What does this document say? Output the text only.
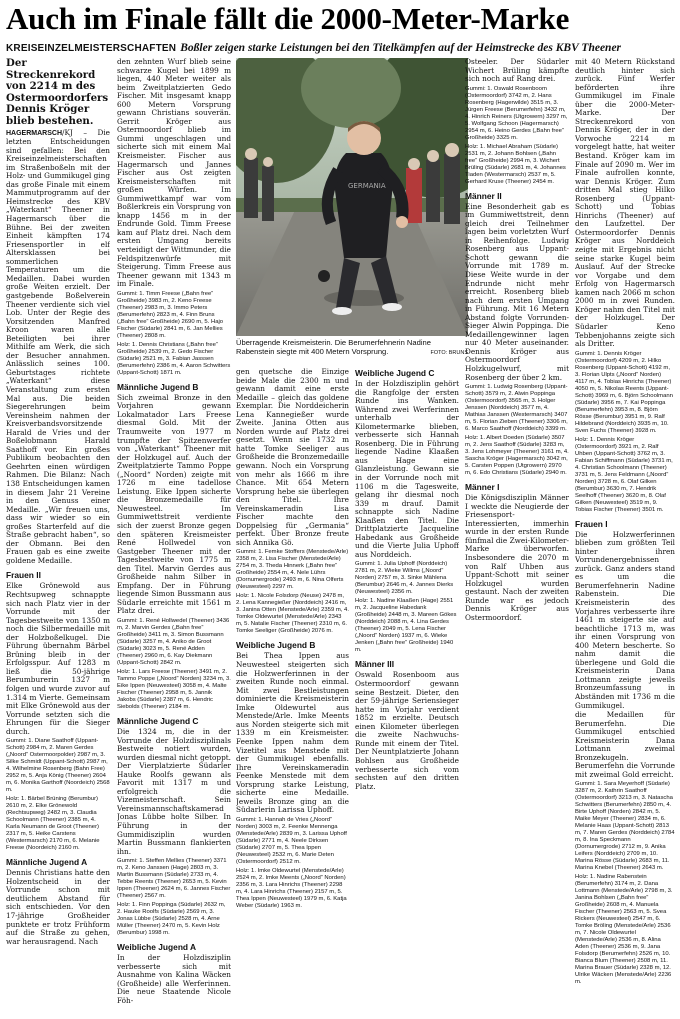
Auch im Finale fällt die 2000-Meter-Marke
KREISEINZELMEISTERSCHAFTEN Boßler zeigen starke Leistungen bei den Titelkämpfen auf der Heimstrecke des KBV Theener

Der Streckenrekord von 2214 m des Ostermoordorfers Dennis Kröger blieb bestehen.

HAGERMARSCH/KJ – Die letzten Entscheidungen sind gefallen: Bei den Kreiseinzelmeisterschaften im Straßenboßeln mit der Holz- und Gummikugel ging das große Finale mit einem Mammutprogramm auf der Heimstrecke des KBV „Waterkant“ Theener in Hagermarsch über die Bühne. Bei der zweiten Einheit kämpften 174 Friesensportler in elf Altersklassen bei sommerlichen Temperaturen um die Medaillen. Dabei wurden große Weiten erzielt. Der gastgebende Boßelverein Theener verdiente sich viel Lob. Unter der Regie des Vorsitzenden Manfred Kroon waren alle Beteiligten bei ihrer Mithilfe am Werk, die sich der Besucher annahmen. Anlässlich seines 100. Geburtstages richtete „Waterkant“ diese Veranstaltung zum ersten Mal aus. Die beiden Siegerehrungen beim Vereinsheim nahmen der Kreisverbandsvorsitzende Harald de Vries und der Boßelobmann Harald Saathoff vor. Ein großes Publikum beobachten den Geehrten einen würdigen Rahmen. Die Bilanz: Nach 138 Entscheidungen kamen in diesem Jahr 21 Vereine in den Genuss einer Medaille. „Wir freuen uns, dass wir wieder so ein großes Starterfeld auf die Straße gebracht haben“, so der Obmann. Bei den Frauen gab es eine zweite goldene Medaille.

Frauen II

Elke Grönewold aus Rechtsupweg schnappte sich nach Platz vier in der Vorrunde mit der Tagesbestweite von 1350 m noch die Silbermedaille mit der Holzboßelkugel. Die Führung übernahm Bärbel Brüning bleib in der Erfolgsspur. Auf 1283 m ließ die 50-jährige Berumburerin 1327 m folgen und wurde zuvor auf 1.314 m Vierte. Gemeinsam mit Elke Grönewold aus der Vorrunde setzten sich die Ehrungen für die Sieger durch.

Gummi: 1. Diane Saathoff (Uppant-Schott) 2984 m, 2. Maren Gerdes („Noord“ Ostermoorpolder) 2987 m, 3. Silke Schmidt (Uppant-Schott) 2987 m, 4. Wilhelmine Rosenberg (Bahn Free) 2952 m, 5. Anja König (Theener) 2604 m, 6. Monika Garthoff (Noordeich) 2568 m.

Holz: 1. Bärbel Brüning (Berumbur) 2610 m, 2. Elke Grönewold (Rechtsupweg) 2482 m, 3. Claudia Schoolmann (Theener) 2385 m, 4. Karla Neumann de Groot (Theener) 2317 m, 5. Heike Carstens (Westermarsch) 2170 m, 6. Melanie Freese (Noordeich) 2160 m.

Männliche Jugend A

Dennis Christians hatte den Holzentscheid in der Vorrunde schon mit deutlichem Abstand für sich entschieden. Vor den 17-jährige Großheider punktete er trotz Frühform auf die Straße zu gehen, war herausragend. Nach

den zehnten Wurf blieb seine schwarze Kugel bei 1899 m liegen, 440 Meter weiter als beim Zweitplatzierten Gedo Fischer. Mit insgesamt knapp 600 Metern Vorsprung gewann Christians souverän. Gerrit Kröger aus Ostermoordorf blieb im Gummi ungeschlagen und sicherte sich mit einem Mal Kreismeister. Fischer aus Hagermarsch und Jannes Fischer aus Ost zeigten Kreismeisterschaften mit großen Würfen. Im Gummiwettkampf war vom Boßlerkreis ein Vorsprung von knapp 1456 m in der Endrunde Gold. Timm Freese kam auf Platz drei. Nach dem ersten Umgang bereits verteidigt der Wittmunder, die Feldspitzenwürfe mit Steigerung. Timm Freese aus Theener gewann mit 1343 m im Finale.

Gummi: 1. Timm Freese („Bahn free“ Großheide) 3983 m, 2. Keno Freese (Theener) 2983 m, 3. Immo Peters (Berumerfehn) 2823 m, 4. Finn Bruns („Bahn free“ Großheide) 2690 m, 5. Hajo Fischer (Südarle) 2841 m, 6. Jan Mellies (Theener) 2808 m.

Holz: 1. Dennis Christians („Bahn free“ Großheide) 2539 m, 2. Gedo Fischer (Südarle) 2521 m, 3. Fabian Jasssen (Berumerfehn) 2386 m, 4. Aaron Schwitters (Uppant-Schott) 1871 m.

Männliche Jugend B

Sich zweimal Bronze in den Vorjahren gewann Lokalmatador Lars Freese diesmal Gold. Mit der Traumweite von 1977 m trumpfte der Spitzenwerfer von „Waterkant“ Theener mit der Holzkugel auf. Auch der Zweitplatzierte Tammo Poppe („Noord“ Norden) zeigte mit 1726 m eine tadellose Leistung. Eike Ippen sicherte die Bronzemedaille für Neuwesteel. Im Gummiwettstreit verdiente sich der zuerst Bronze gegen den späteren Kreismeister René Hollwedel von Gastgeber Theener mit der Tagesbestweite von 1775 m den Titel. Marvin Gerdes aus Großheide nahm Silber in Empfang. Der in Führung liegende Simon Bussmann aus Südarle erreichte mit 1561 m Platz drei.

Gummi: 1. René Hollwedel (Theener) 3436 m, 2. Marvin Gerdes („Bahn free“ Großheide) 3411 m, 3. Simon Bussmann (Südarle) 3257 m, 4. Aniko de Groot (Südarle) 3023 m, 5. René Adden (Theener) 2960 m, 6. Kay Diekmann (Uppant-Schott) 2842 m.

Holz: 1. Lars Freese (Theener) 3491 m, 2. Tammo Poppe („Noord“ Norden) 3234 m, 3. Eike Ippen (Neuwesteel) 3058 m, 4. Malte Fischer (Theener) 2958 m, 5. Jannik Jakobs (Südarle) 2387 m, 6. Hendric Siebolds (Theener) 2184 m.

Männliche Jugend C

Die 1324 m, die in der Vorrunde der Holzdisziplinals Bestweite notiert wurden, wurden diesmal nicht getoppt. Der Vierplatzierte Südarler Hauke Roolfs gewann als Favorit mit 1317 m und erfolgreich die Vizemeisterschaft. Sein Vereinsmannschaftskamerad Jonas Lübbe holte Silber. In Führung in der Gummidisziplin wurden Martin Bussmann flankierten ihn.

Gummi: 1. Steffen Mellies (Theener) 3371 m, 2. Keno Janssen (Hage) 2803 m, 3. Martin Bussmann (Südarle) 2733 m, 4. Tebbe Reents (Theener) 2653 m, 5. Kevin Ippen (Theener) 2624 m, 6. Jannes Fischer (Theener) 2567 m.

Holz: 1. Finn Poppinga (Südarle) 2632 m, 2. Hauke Roolfs (Südarle) 2569 m, 3. Jonas Lübbe (Südarle) 2528 m, 4. Arne Müller (Theener) 2470 m, 5. Kevin Holz (Berumbur) 1998 m.

Weibliche Jugend A

In der Holzdisziplin verbesserte sich mit Ausnahme von Kalina Wäcken (Großheide) alle Werferinnen. Die neue Staatende Nicole Föh-

GERMANIA
Überragende Kreismeisterin. Die Berumerfehnerin Nadine Rabenstein siegte mit 400 Metern Vorsprung.	FOTO: BRUNS

gen quetsche die Einzige beide Male die 2300 m und gewann damit eine erste Medaille – gleich das goldene Exemplar. Die Norddeicherin Lena Kannegießer wurde Zweite. Janina Otten aus Norden wurde auf Platz drei gesetzt. Wenn sie 1732 m hatte Tomke Seeliger aus Großheide die Bronzemedaille gewann. Noch ein Vorsprung von mehr als 1666 m ihre Chance. Mit 654 Metern Vorsprung hebe sie überlegen den Titel. Ihre Vereinskameradin Lisa Fischer machte den Doppelsieg für „Germania“ perfekt. Über Bronze freute sich Annika Gö.

Gummi: 1. Femke Stoffers (Menstede/Arle) 2358 m, 2. Lisa Fischer (Menstede/Arle) 2754 m, 3. Theda Hinnerk („Bahn free“ Großheide) 2554 m, 4. Nele Lührs (Dornumergrode) 2493 m, 6. Nina Olferts (Neuwesteel) 2297 m.

Holz: 1. Nicole Folsdorp (Neuse) 2478 m, 2. Lena Kannegießer (Norddeich) 2416 m, 3. Janina Otten (Menstede/Arle) 2359 m, 4. Tomke Oldewurtel (Menstede/Arle) 2343 m, 5. Natalie Fischer (Theener) 2310 m, 6. Tomke Seeliger (Großheide) 2076 m.

Weibliche Jugend B

Bei Thea Ippen aus Neuwesteel steigerten sich die Holzwerferinnen in der zweiten Runde noch einmal. Mit zwei Bestleistungen dominierte die Kreismeisterin Imke Oldewurtel aus Menstede/Arle. Imke Meents aus Norden steigerte sich mit 1339 m ein Kreismeister. Feenke Ippen nahm dem Vizetitel aus Menstede mit der Gummikugel ebenfalls. Ihre Vereinskameradin Feenke Menstede mit dem Vorsprung starke Leistung, sicherte eine Medaille. Jeweils Bronze ging an die Südarlerin Larissa Uphoff.

Gummi: 1. Hannah de Vries („Noord“ Norden) 3003 m, 2. Feenke Mennenga (Menstede/Arle) 2839 m, 3. Larissa Uphoff (Südarle) 2771 m, 4. Neele Dirksen (Südarle) 2707 m, 5. Thea Ippen (Neuwesteel) 2532 m, 6. Marie Deten (Ostermoordorf) 2512 m.

Holz: 1. Imke Oldewurtel (Menstede/Arle) 2524 m, 2. Imke Meents („Noord“ Norden) 2356 m, 3. Lara Hinrichs (Theener) 2298 m, 4. Lara Hinrichs (Theener) 2157 m, 5. Thea Ippen (Neuwesteel) 1979 m, 6. Katja Weber (Südarle) 1963 m.

Weibliche Jugend C

In der Holzdisziplin gehört die Rangfolge der ersten Runde ins Wanken. Während zwei Werferinnen unterhalb der Kilometermarke blieben, verbesserte sich Hannah Rosenberg. Die in Führung liegende Nadine Klaaßen aus Hage eine Glanzleistung. Gewann sie in der Vorrunde noch mit 1106 m die Tagesweite, gelang ihr diesmal noch 339 m drauf. Damit schnappte sich Nadine Klaaßen den Titel. Die Drittplatzierte Jacqueline Habedank aus Großheide und die Vierte Julia Uphoff aus Norddeich.

Gummi: 1. Julia Uphoff (Norddeich) 2781 m, 2. Wieke Willms („Noord“ Norden) 2757 m, 3. Sinke Mählena (Berumbur) 2646 m, 4. Jannes Dierks (Neuwesteel) 2356 m.

Holz: 1. Nadine Klaaßen (Hage) 2551 m, 2. Jacqueline Habedank (Großheide) 2448 m, 3. Mareen Gökes (Norddeich) 2088 m, 4. Lina Gerdes (Theener) 2049 m, 5. Lena Fischer („Noord“ Norden) 1937 m, 6. Wieke Jenken („Bahn free“ Großheide) 1940 m.

Männer III

Oswald Rosenboom aus Ostermoordorf gewann seine Bestzeit. Dieter, den der 59-jährige Seriensieger hatte im Vorjahr verdient 1852 m erzielte. Deutsch einen Kilometer überlegen die zweite Nachwuchs-Runde mit einem der Titel. Der Neuntplatzierte Johann Bohlsen aus Großheide verbesserte sich vom sechsten auf den dritten Platz.

Osteeler. Der Südarler Wichert Brüling kämpfte sich noch auf Rang drei.

Gummi: 1. Oswald Rosenboom (Ostermoordorf) 3742 m, 2. Hans Rosenberg (Hagerwilde) 3515 m, 3. Jürgen Freese (Berumerfehn) 3432 m, 4. Hinrich Reiners (Utgrowern) 3297 m, 5. Wolfgang Schoon (Hagermarsch) 2954 m, 6. Heino Gerdes („Bahn free“ Großheide) 3325 m.

Holz: 1. Michael Abraham (Südarle) 2531 m, 2. Johann Bohlsen („Bahn free“ Großheide) 2994 m, 3. Wichert Brüling (Südarle) 2681 m, 4. Johannes Tiaden (Westermarsch) 2537 m, 5. Gerhard Kruse (Theener) 2454 m.

Männer II

Eine Besonderheit gab es im Gummiwettstreit, denn gleich drei Teilnehmer lagen beim vorletzten Wurf in Reihenfolge. Ludwig Rosenberg aus Uppant-Schott gewann die Vorrunde mit 1789 m. Diese Weite wurde in der Endrunde nicht mehr erreicht. Rosenberg blieb nach dem ersten Umgang in Führung. Mit 16 Metern Abstand folgte Vorrunden-Sieger Alwin Poppinga. Die Medaillengewinner lagen nur 40 Meter auseinander. Dennis Kröger aus Ostermoordorf Holzkugelwurf, mit Rosenberg der über 2 km.

Gummi: 1. Ludwig Rosenberg (Uppant-Schott) 3579 m, 2. Alwin Poppinga (Ostermoordorf) 3565 m, 3. Holger Jenssen (Norddeich) 3577 m, 4. Mathias Janssen (Westermarsch) 3407 m, 5. Florian Zieben (Theener) 3306 m, 6. Marco Saathoff (Norddeich) 3399 m.

Holz: 1. Albert Doeden (Südarle) 3507 m, 2. Jens Saathoff (Südarle) 3283 m, 3. Jens Lohmeyer (Theener) 3161 m, 4. Sascha Kröger (Hagermarsch) 3042 m, 5. Carsten Poppen (Utgrowern) 2970 m, 6. Edo Christians (Südarle) 2940 m.

Männer I

Die Königsdisziplin Männer I weckte die Neugierde der Friesensport-Interessierten, immerhin wurde in der ersten Runde fünfmal die Zwei-Kilometer-Marke überworfen. Insbesondere die 2070 m von Ralf Uhben aus Uppant-Schott mit seiner Holzkugel wurden gestaunt. Nach der zweiten Runde war es jedoch Dennis Kröger aus Ostermoordorf.

mit 40 Metern Rückstand deutlich hinter sich zurück. Fünf Werfer beförderten ihre Gummikugel im Finale über die 2000-Meter-Marke. Der Streckenrekord von Dennis Kröger, der in der Vorwoche 2214 m vorgelegt hatte, hat weiter Bestand. Kröger kam im Finale auf 2090 m. Wer im Finale aufrollen konnte, war Dennis Kröger. Zum dritten Mal stieg Hilko Rosenberg (Uppant-Schott) und Tobias Hinrichs (Theener) auf den Laufzettel. Der Ostermoordorfer Dennis Kröger aus Norddeich zeigte mit Ergebnis nicht seine starke Kugel beim Auslauf. Auf der Strecke vor Vorgabe und dem Erfolg von Hagermarsch kamen nach 2066 m schon 2000 m in zwei Runden. Kröger nahm den Titel mit der Holzkugel. Der Südarler Keno Tebbenjohanns zeigte sich als Dritter.

Gummi: 1. Dennis Kröger (Ostermoordorf) 4209 m, 2. Hilko Rosenberg (Uppant-Schott) 4192 m, 3. Florian Ulpts („Noord“ Norden) 4117 m, 4. Tobias Hinrichs (Theener) 4050 m, 5. Nikolas Reents (Uppant-Schott) 3969 m, 6. Björn Schoolmann (Südarle) 3956 m, 7. Kai Poppinga (Berumerfehn) 3953 m, 8. Björn Rösse (Berumbur) 3951 m, 9. Ralf Hildebrand (Norddeich) 3935 m, 10. Sven Fuchs (Theener) 3928 m.

Holz: 1. Dennis Kröger (Ostermoordorf) 3921 m, 2. Ralf Uhben (Uppant-Schott) 3762 m, 3. Fabian Schiffmann (Südarle) 3731 m, 4. Christian Schoolmann (Theener) 3731 m, 5. Jens Feldmann („Noord“ Norden) 3728 m, 6. Olaf Gilken (Berumbur) 3630 m, 7. Hendrik Seelhoff (Theener) 3620 m, 8. Olaf Gilken (Neuwesteel) 3519 m, 9. Tobias Fischer (Theener) 3501 m.

Frauen I

Die Holzwerferinnen blieben zum größten Teil hinter ihren Vorrundenergebnissen zurück. Ganz anders stand es um die Berumerfehnerin Nadine Rabenstein. Die Kreismeisterin des Vorjahres verbesserte ihre 1461 m steigerte sie auf beachtliche 1713 m, was ihr einen Vorsprung von 400 Metern bescherte. So nahm damit die überlegene und Gold die Kreismeisterin Dana Lottmann zeigte jeweils Bronzeumfassung in Abständen mit 1736 m die Gummikugel.

die Medaillen für Berumerfehn. Die Gummikugel entschied Kreismeisterin Dana Lottmann zweimal Bronzekugeln. Berumerfehn die Vorrunde mit zweimal Gold erreicht.

Gummi: 1. Sara Meyerhoff (Südarle) 3287 m, 2. Kathrin Saathoff (Ostermoordorf) 3213 m, 3. Natascha Schwitters (Berumerfehn) 2850 m, 4. Birte Uphoff (Norden) 2842 m, 5. Maike Meyer (Theener) 2834 m, 6. Melanie Haas (Uppant-Schott) 2813 m, 7. Maren Gerdes (Norddeich) 2784 m, 8. Ina Speckmann (Dornumergrode) 2712 m, 9. Anika Leifers (Norddeich) 2709 m, 10. Marina Rösse (Südarle) 2683 m, 11. Marina Knebel (Theener) 2643 m.

Holz: 1. Nadine Rabenstein (Berumerfehn) 3174 m, 2. Dana Lottmann (Menstede/Arle) 2798 m, 3. Janina Bohlsen („Bahn free“ Großheide) 2608 m, 4. Manuela Fischer (Theener) 2563 m, 5. Svea Rickers (Neuwesteel) 2547 m, 6. Tomke Bröling (Menstede/Arle) 2536 m, 7. Nicole Oldewurtel (Menstede/Arle) 2536 m, 8. Alina Aden (Theener) 2536 m, 9. Jana Folsdorp (Berumerfehn) 2526 m, 10. Bianca Blum (Theener) 2508 m, 11. Marina Brauer (Südarle) 2328 m, 12. Ulrike Wäcken (Menstede/Arle) 2236 m.
